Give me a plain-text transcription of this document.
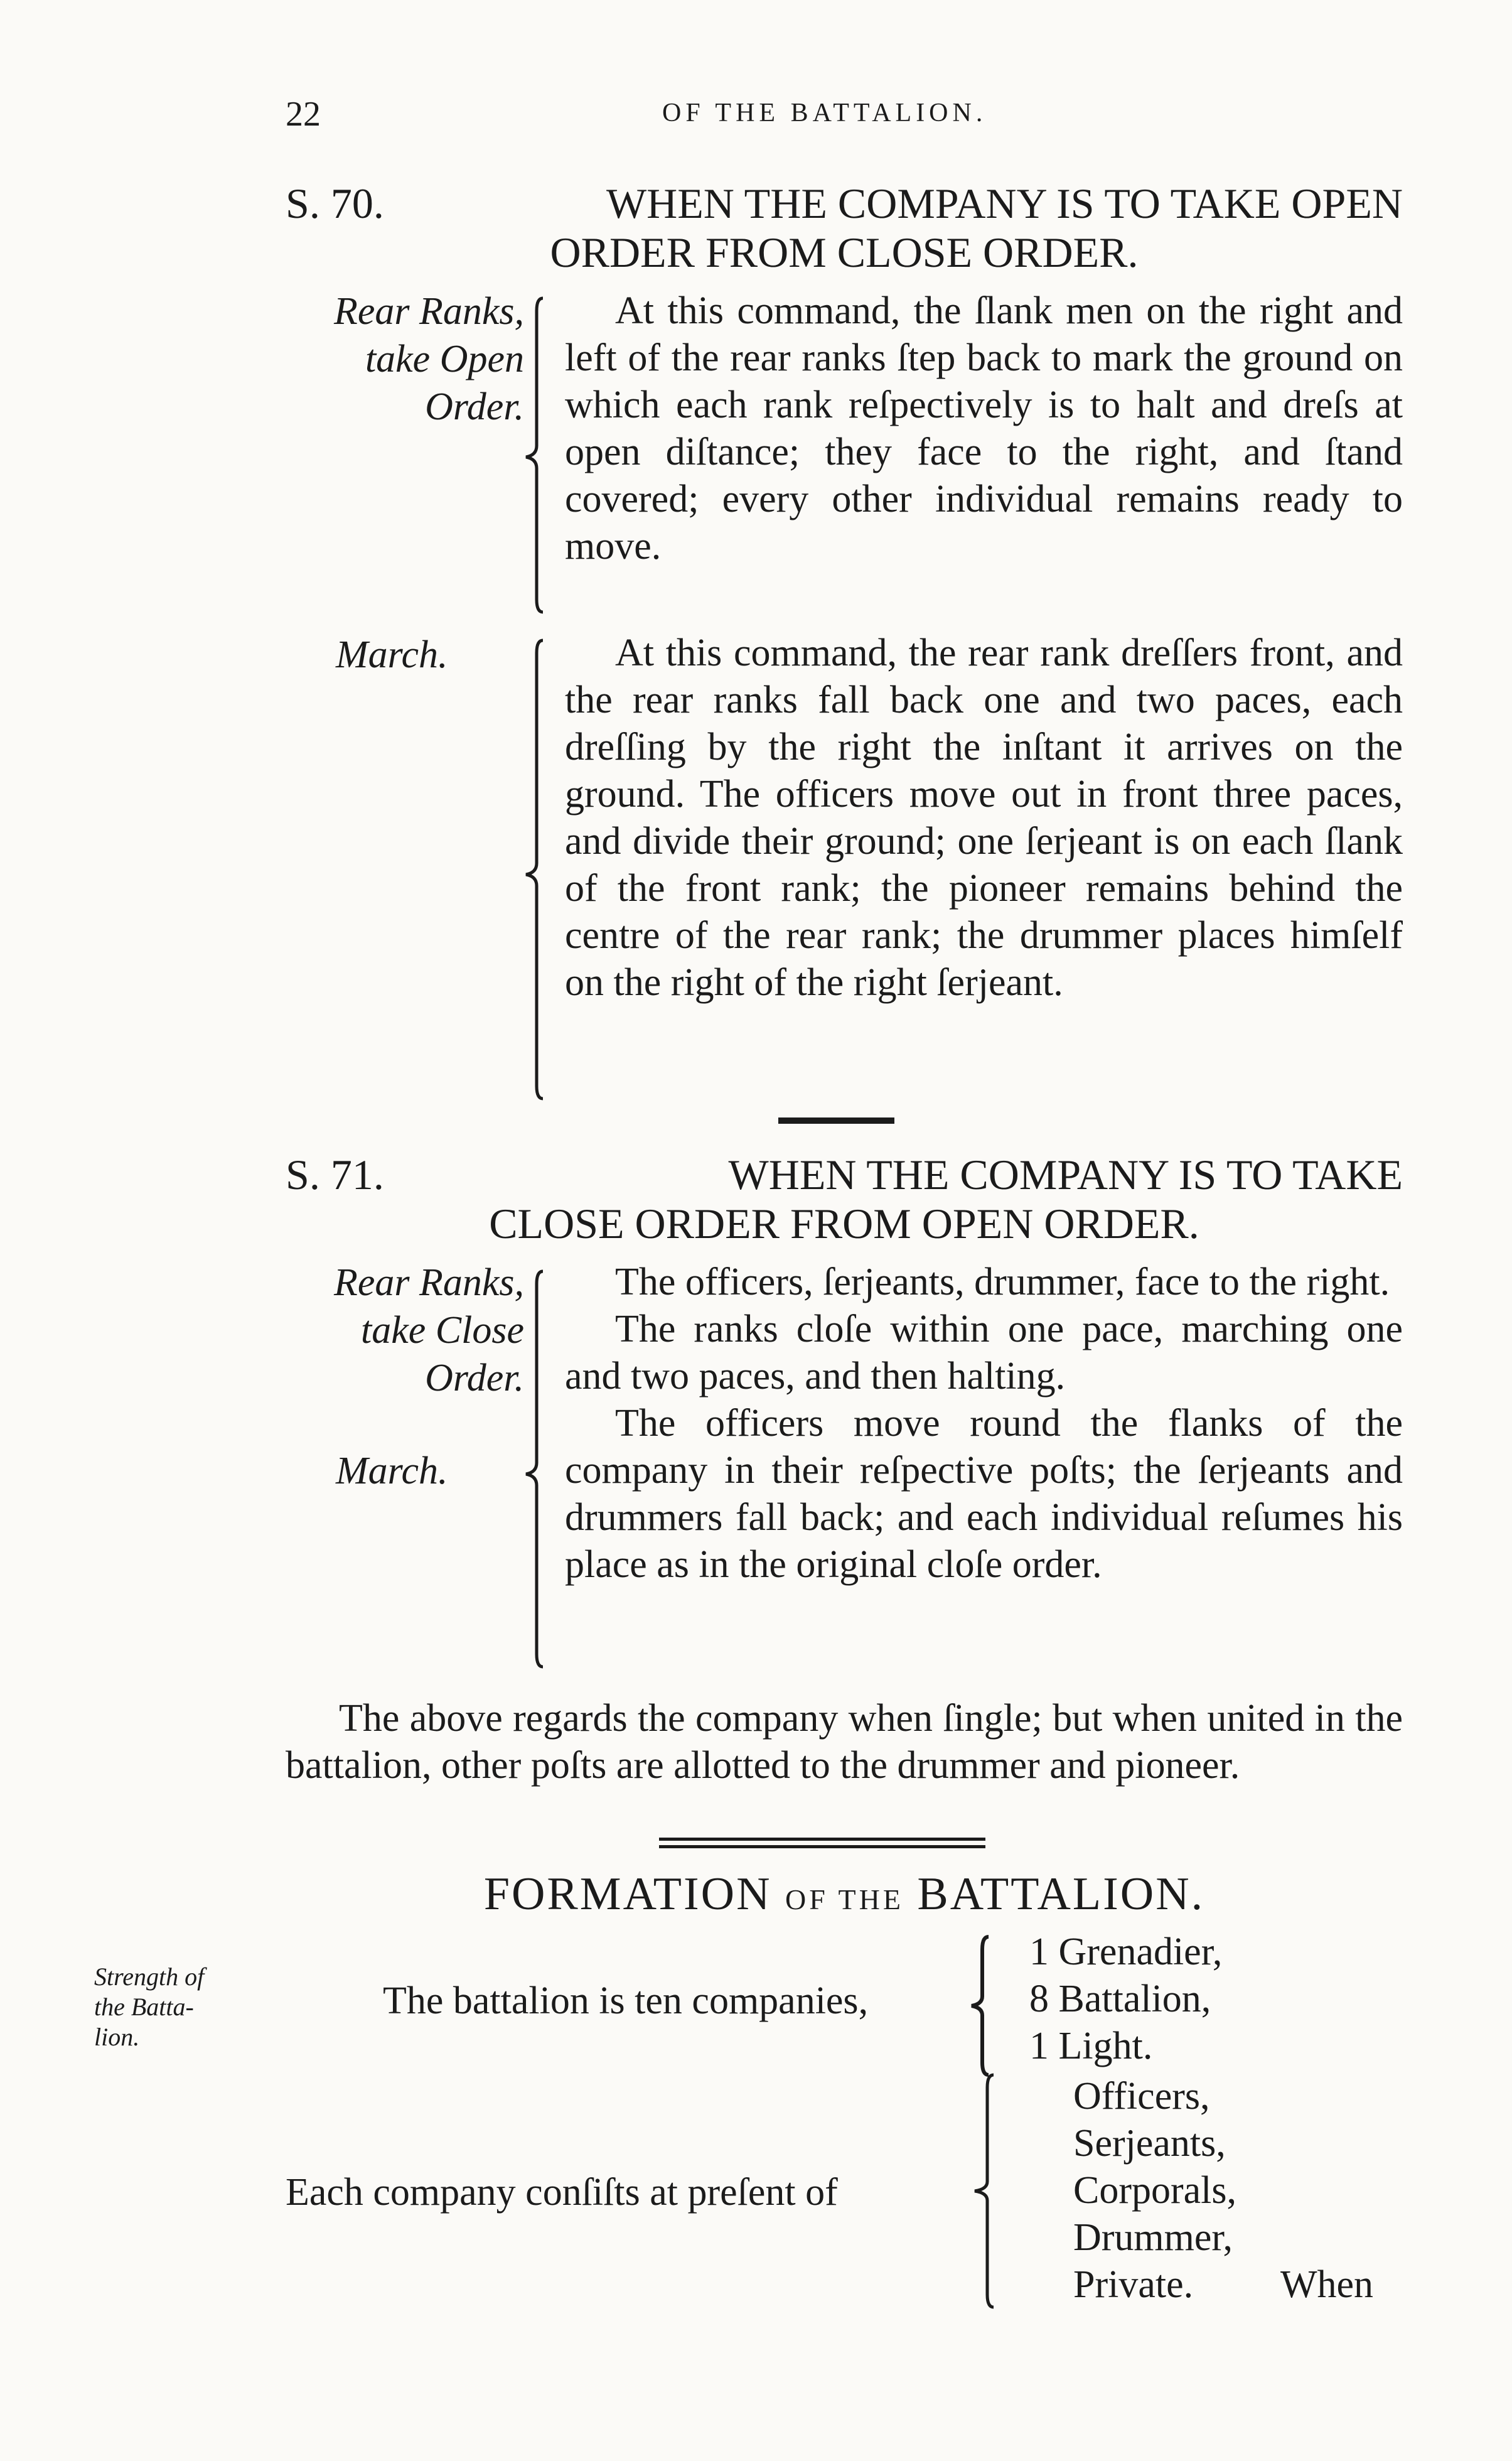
22	OF THE BATTALION.
S. 70.	WHEN THE COMPANY IS TO TAKE OPEN
ORDER FROM CLOSE ORDER.
Rear Ranks,
take Open
Order.

At this command, the ſlank men on the right and left of the rear ranks ſtep back to mark the ground on which each rank reſpectively is to halt and dreſs at open diſtance; they face to the right, and ſtand covered; every other individual remains ready to move.

March.	At this command, the rear rank dreſſers front, and the rear ranks fall back one and two paces, each dreſſing by the right the inſtant it arrives on the ground. The officers move out in front three paces, and divide their ground; one ſerjeant is on each ſlank of the front rank; the pioneer remains behind the centre of the rear rank; the drummer places himſelf on the right of the right ſerjeant.

S. 71.	WHEN THE COMPANY IS TO TAKE
CLOSE ORDER FROM OPEN ORDER.
Rear Ranks,
take Close
Order.
March.

The officers, ſerjeants, drummer, face to the right.

The ranks cloſe within one pace, marching one and two paces, and then halting.

The officers move round the flanks of the company in their reſpective poſts; the ſerjeants and drummers fall back; and each individual reſumes his place as in the original cloſe order.

The above regards the company when ſingle; but when united in the battalion, other poſts are allotted to the drummer and pioneer.

FORMATION OF THE BATTALION.
Strength of
the Batta-
lion.
The battalion is ten companies,
1 Grenadier,
8 Battalion,
1 Light.
Each company conſiſts at preſent of
Officers,
Serjeants,
Corporals,
Drummer,
Private.	When
